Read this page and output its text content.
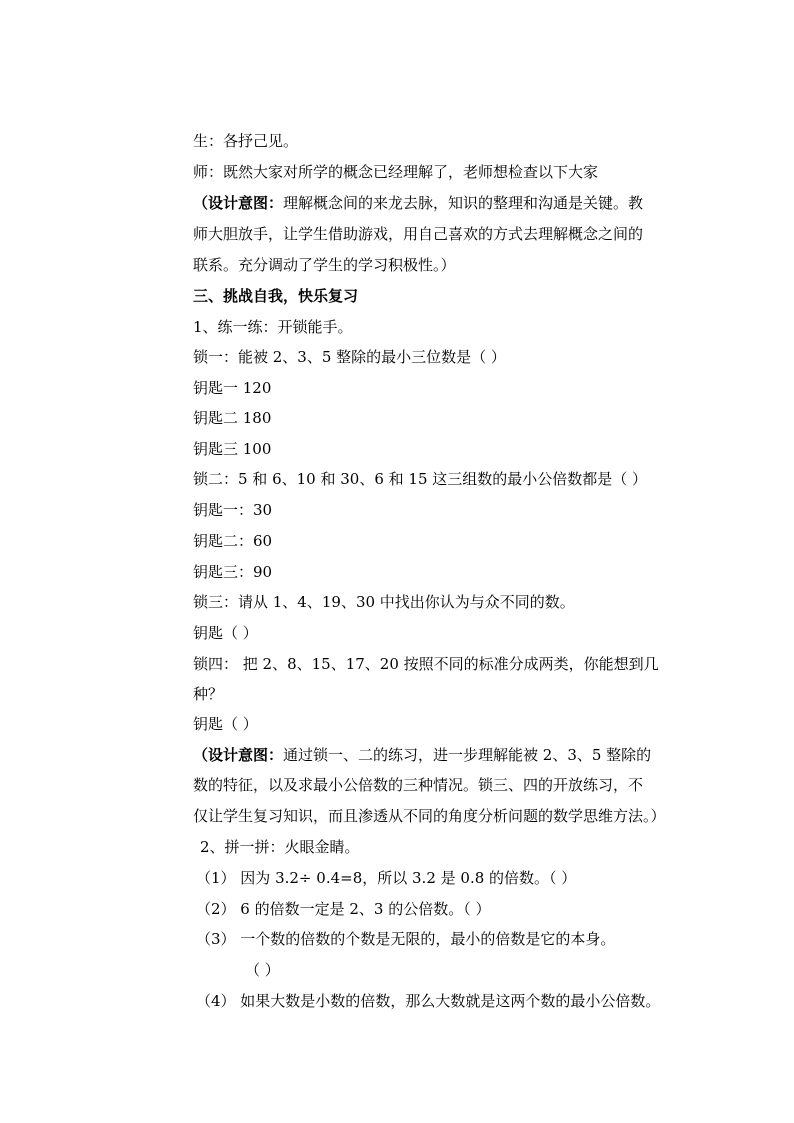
生：各抒己见。
师：既然大家对所学的概念已经理解了，老师想检查以下大家
（设计意图：理解概念间的来龙去脉，知识的整理和沟通是关键。教
师大胆放手，让学生借助游戏，用自己喜欢的方式去理解概念之间的
联系。充分调动了学生的学习积极性。）
三、挑战自我，快乐复习
1、练一练：开锁能手。
锁一：能被 2、3、5 整除的最小三位数是（ ）
钥匙一 120
钥匙二 180
钥匙三 100
锁二：5 和 6、10 和 30、6 和 15 这三组数的最小公倍数都是（ ）
钥匙一：30
钥匙二：60
钥匙三：90
锁三：请从 1、4、19、30 中找出你认为与众不同的数。
钥匙（ ）
锁四： 把 2、8、15、17、20 按照不同的标准分成两类，你能想到几
种？
钥匙（ ）
（设计意图：通过锁一、二的练习，进一步理解能被 2、3、5 整除的
数的特征，以及求最小公倍数的三种情况。锁三、四的开放练习，不
仅让学生复习知识，而且渗透从不同的角度分析问题的数学思维方法。）
2、拼一拼：火眼金睛。
（1） 因为 3.2÷ 0.4=8，所以 3.2 是 0.8 的倍数。（ ）
（2） 6 的倍数一定是 2、3 的公倍数。（ ）
（3） 一个数的倍数的个数是无限的，最小的倍数是它的本身。
（ ）
（4） 如果大数是小数的倍数，那么大数就是这两个数的最小公倍数。
